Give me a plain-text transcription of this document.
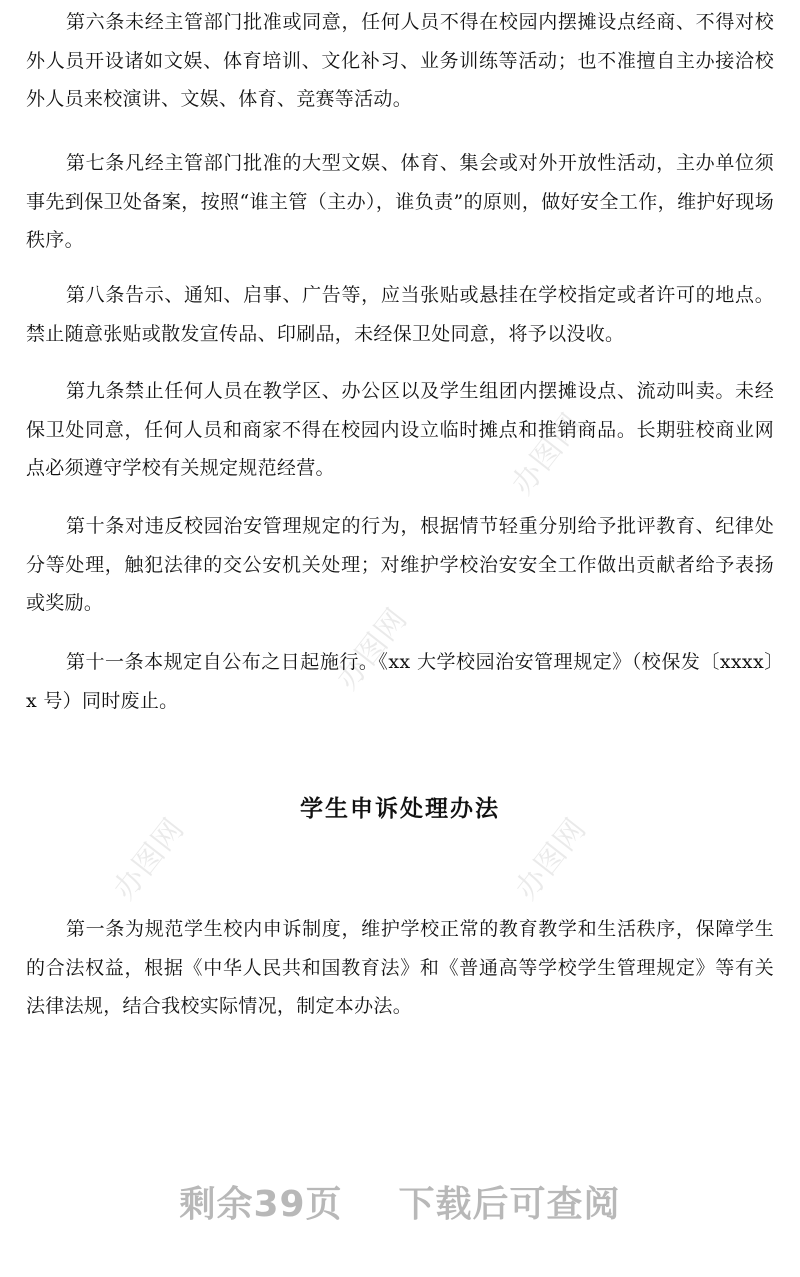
办图网
办图网
办图网	办图网

第六条未经主管部门批准或同意，任何人员不得在校园内摆摊设点经商、不得对校外人员开设诸如文娱、体育培训、文化补习、业务训练等活动；也不准擅自主办接洽校外人员来校演讲、文娱、体育、竞赛等活动。

第七条凡经主管部门批准的大型文娱、体育、集会或对外开放性活动，主办单位须事先到保卫处备案，按照“谁主管（主办），谁负责”的原则，做好安全工作，维护好现场秩序。

第八条告示、通知、启事、广告等，应当张贴或悬挂在学校指定或者许可的地点。禁止随意张贴或散发宣传品、印刷品，未经保卫处同意，将予以没收。

第九条禁止任何人员在教学区、办公区以及学生组团内摆摊设点、流动叫卖。未经保卫处同意，任何人员和商家不得在校园内设立临时摊点和推销商品。长期驻校商业网点必须遵守学校有关规定规范经营。

第十条对违反校园治安管理规定的行为，根据情节轻重分别给予批评教育、纪律处分等处理，触犯法律的交公安机关处理；对维护学校治安安全工作做出贡献者给予表扬或奖励。

第十一条本规定自公布之日起施行。《xx 大学校园治安管理规定》（校保发〔xxxx〕x 号）同时废止。

学生申诉处理办法

第一条为规范学生校内申诉制度，维护学校正常的教育教学和生活秩序，保障学生的合法权益，根据《中华人民共和国教育法》和《普通高等学校学生管理规定》等有关法律法规，结合我校实际情况，制定本办法。

剩余39页 下载后可查阅
